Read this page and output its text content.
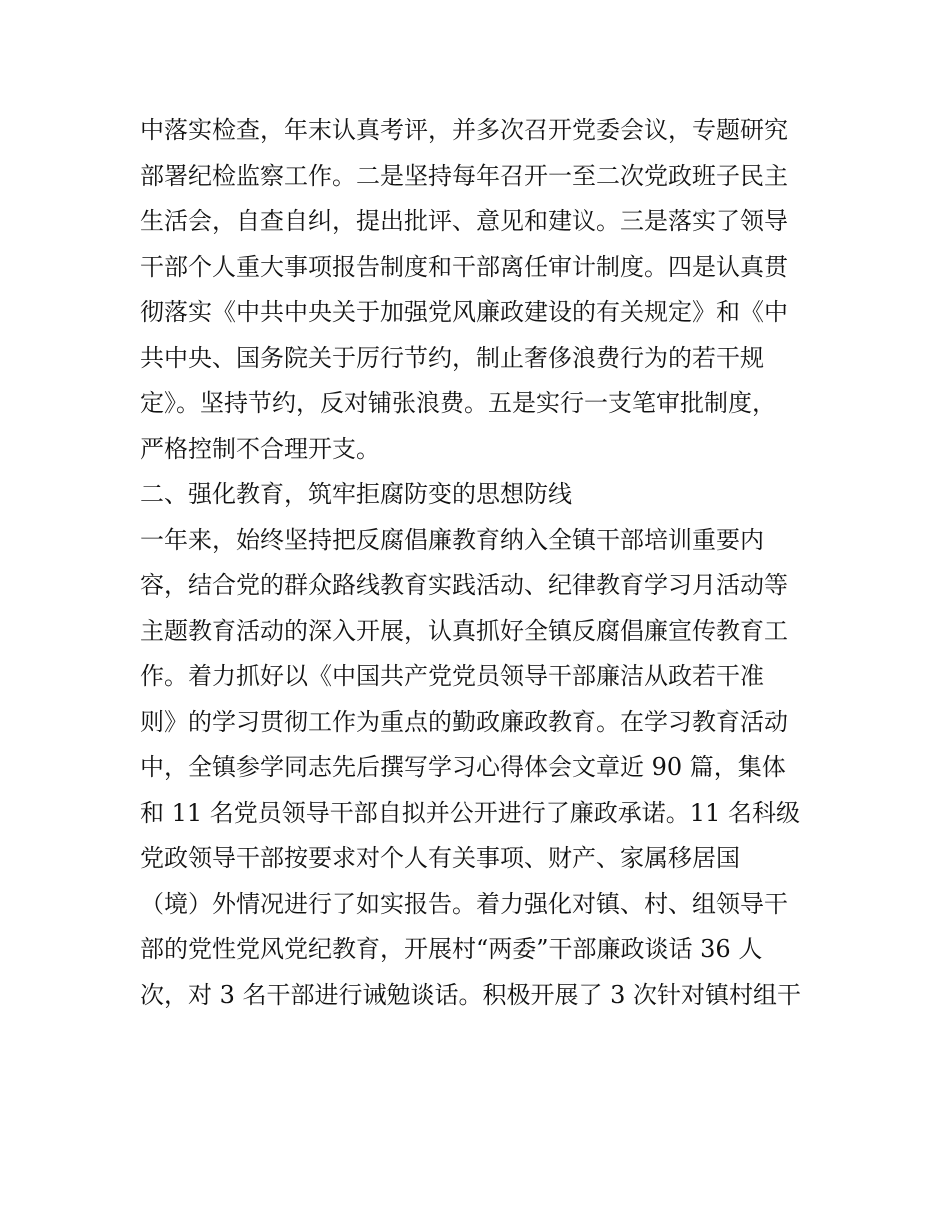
中落实检查，年末认真考评，并多次召开党委会议，专题研究
部署纪检监察工作。二是坚持每年召开一至二次党政班子民主
生活会，自查自纠，提出批评、意见和建议。三是落实了领导
干部个人重大事项报告制度和干部离任审计制度。四是认真贯
彻落实《中共中央关于加强党风廉政建设的有关规定》和《中
共中央、国务院关于厉行节约，制止奢侈浪费行为的若干规
定》。坚持节约，反对铺张浪费。五是实行一支笔审批制度，
严格控制不合理开支。
二、强化教育，筑牢拒腐防变的思想防线
一年来，始终坚持把反腐倡廉教育纳入全镇干部培训重要内
容，结合党的群众路线教育实践活动、纪律教育学习月活动等
主题教育活动的深入开展，认真抓好全镇反腐倡廉宣传教育工
作。着力抓好以《中国共产党党员领导干部廉洁从政若干准
则》的学习贯彻工作为重点的勤政廉政教育。在学习教育活动
中，全镇参学同志先后撰写学习心得体会文章近 90 篇，集体
和 11 名党员领导干部自拟并公开进行了廉政承诺。11 名科级
党政领导干部按要求对个人有关事项、财产、家属移居国
（境）外情况进行了如实报告。着力强化对镇、村、组领导干
部的党性党风党纪教育，开展村“两委”干部廉政谈话 36 人
次，对 3 名干部进行诫勉谈话。积极开展了 3 次针对镇村组干
